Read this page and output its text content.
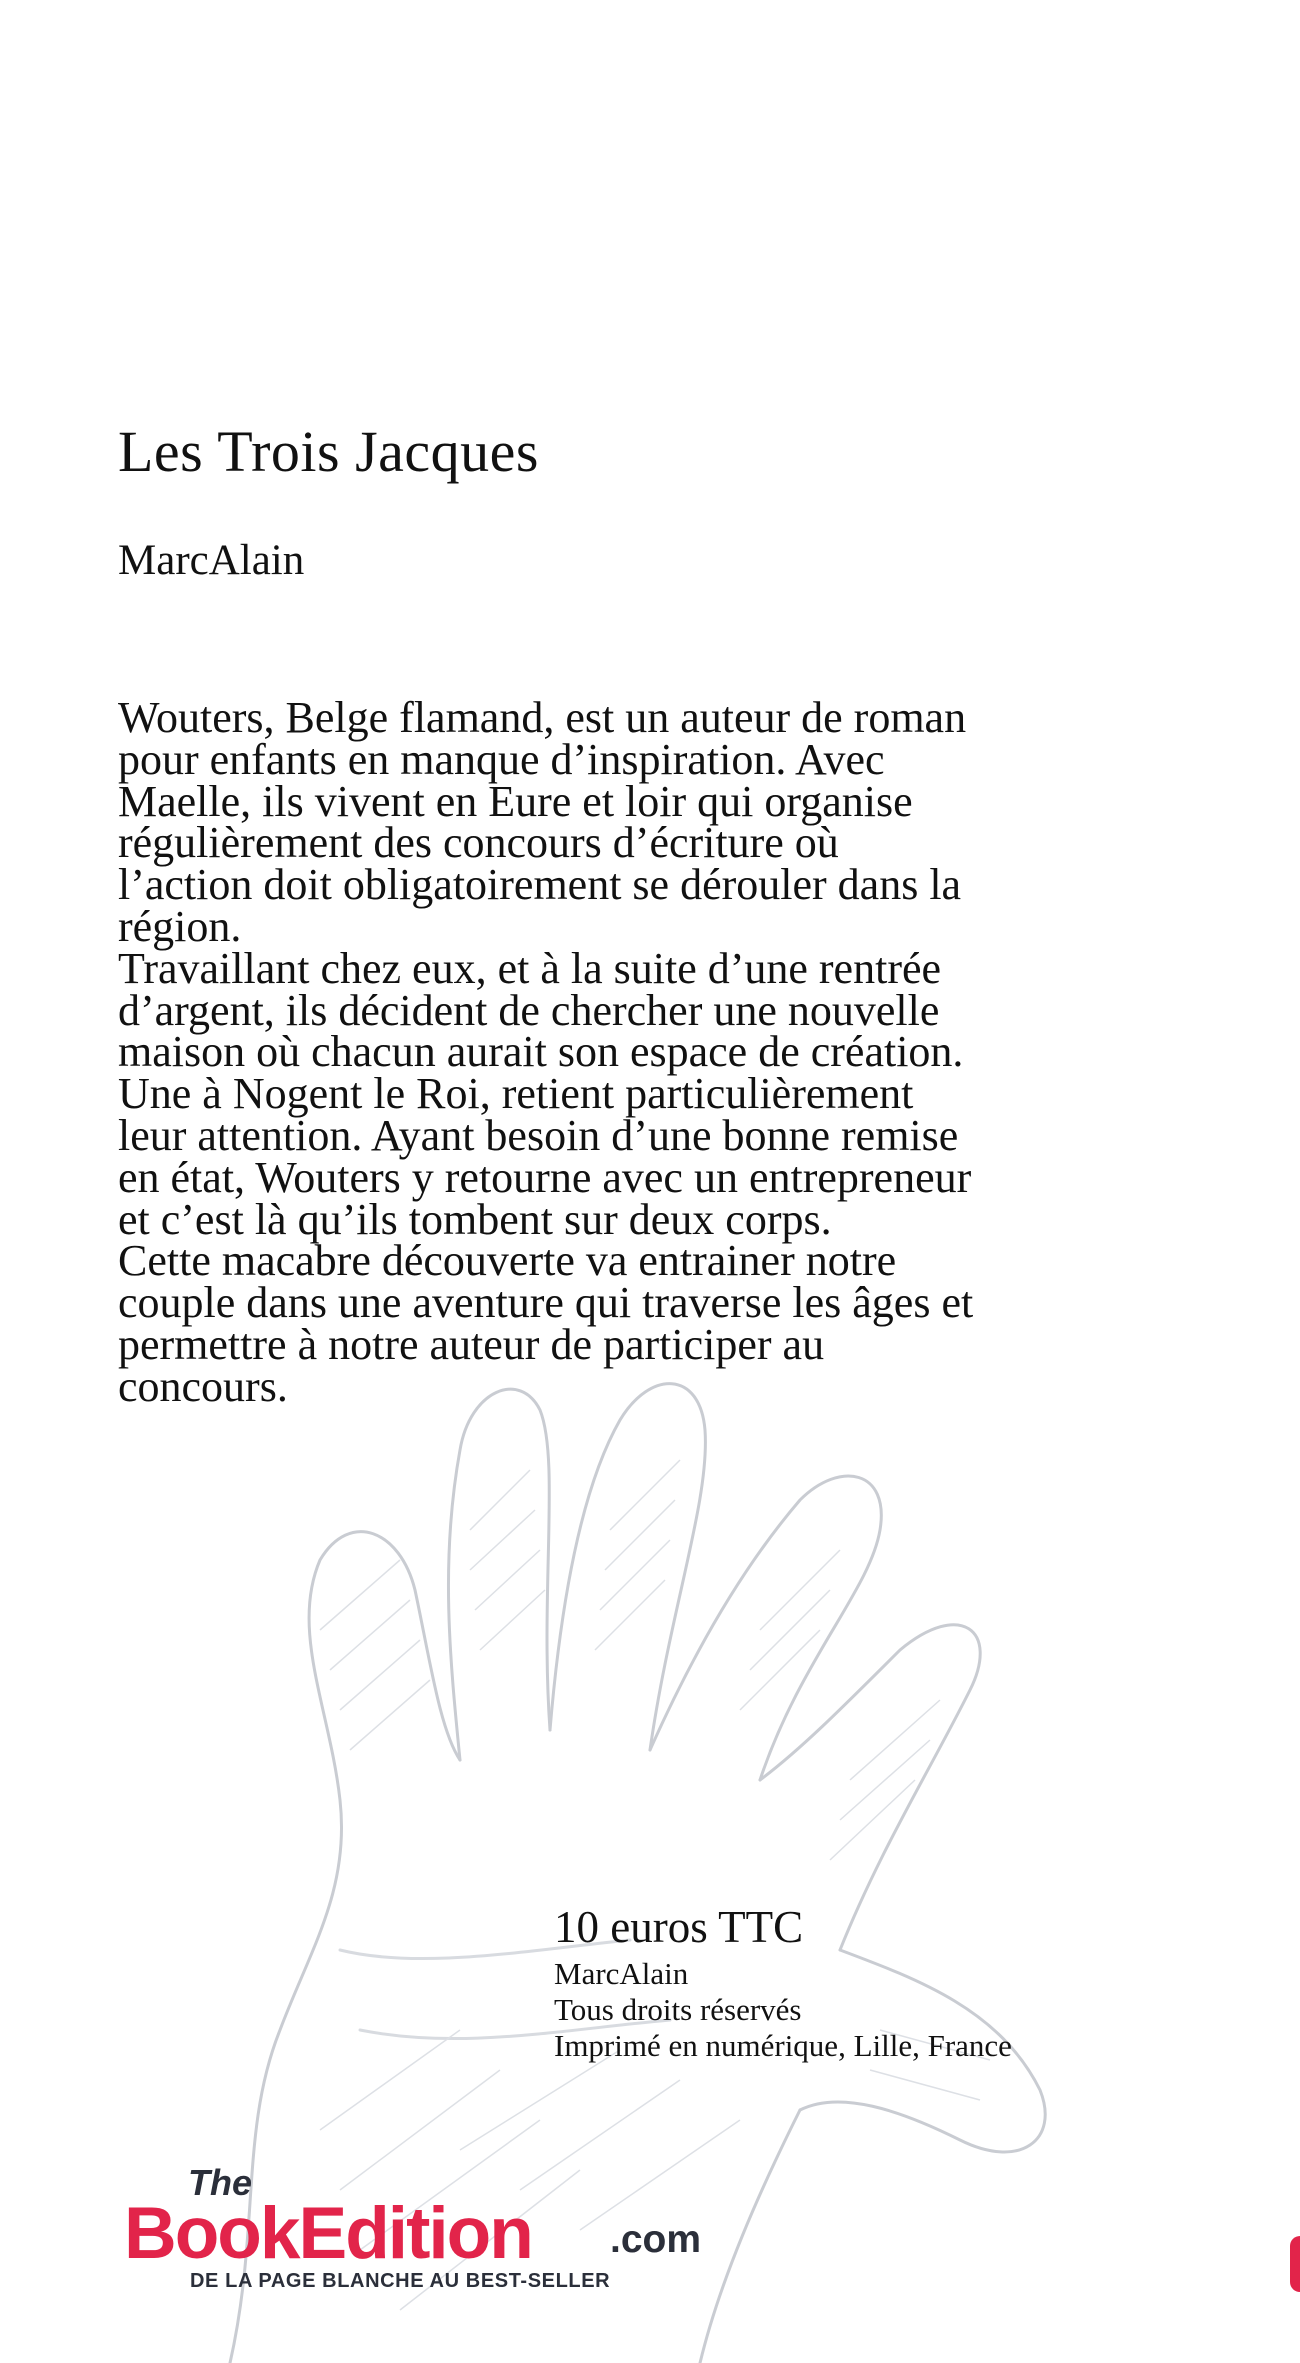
Les Trois Jacques
MarcAlain

Wouters, Belge flamand, est un auteur de roman pour enfants en manque d’inspiration. Avec Maelle, ils vivent en Eure et loir qui organise régulièrement des concours d’écriture où l’action doit obligatoirement se dérouler dans la région.

Travaillant chez eux, et à la suite d’une rentrée d’argent, ils décident de chercher une nouvelle maison où chacun aurait son espace de création. Une à Nogent le Roi, retient particulièrement leur attention. Ayant besoin d’une bonne remise en état, Wouters y retourne avec un entrepreneur et c’est là qu’ils tombent sur deux corps.

Cette macabre découverte va entrainer notre couple dans une aventure qui traverse les âges et permettre à notre auteur de participer au concours.

10 euros TTC
MarcAlain
Tous droits réservés
Imprimé en numérique, Lille, France
The
BookEdition .com
DE LA PAGE BLANCHE AU BEST-SELLER
